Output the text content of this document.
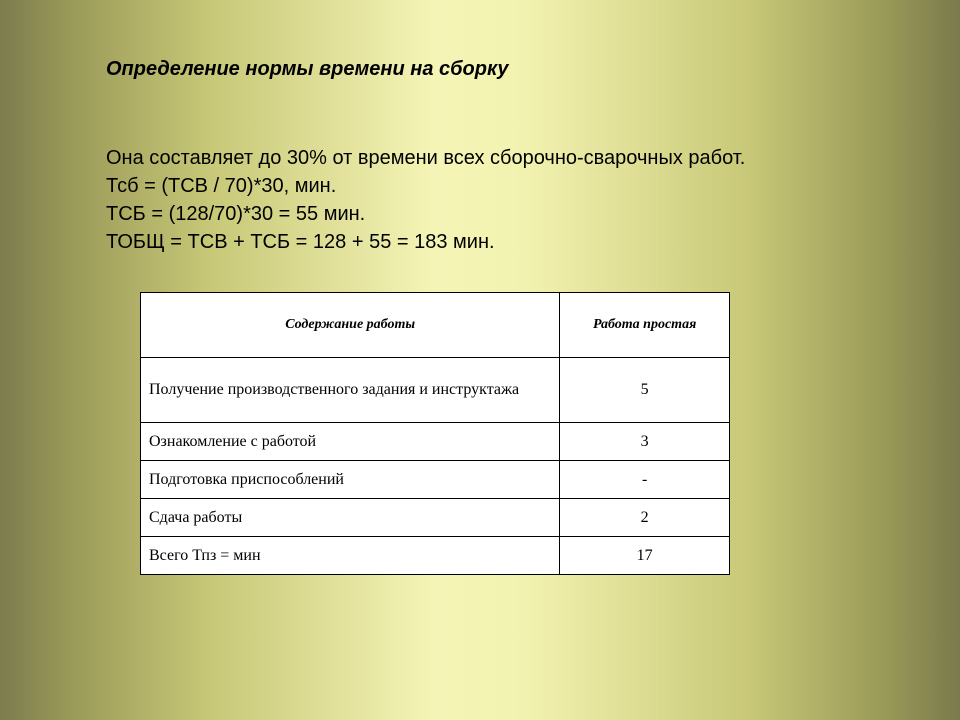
Определение нормы времени на сборку
Она составляет до 30% от времени всех сборочно-сварочных работ.
Тсб = (ТСВ / 70)*30, мин.
ТСБ = (128/70)*30 = 55 мин.
ТОБЩ = ТСВ + ТСБ = 128 + 55 = 183 мин.
Содержание работы	Работа простая
Получение производственного задания и инструктажа	5
Ознакомление с работой	3
Подготовка приспособлений	-
Сдача работы	2
Всего Тпз = мин	17
